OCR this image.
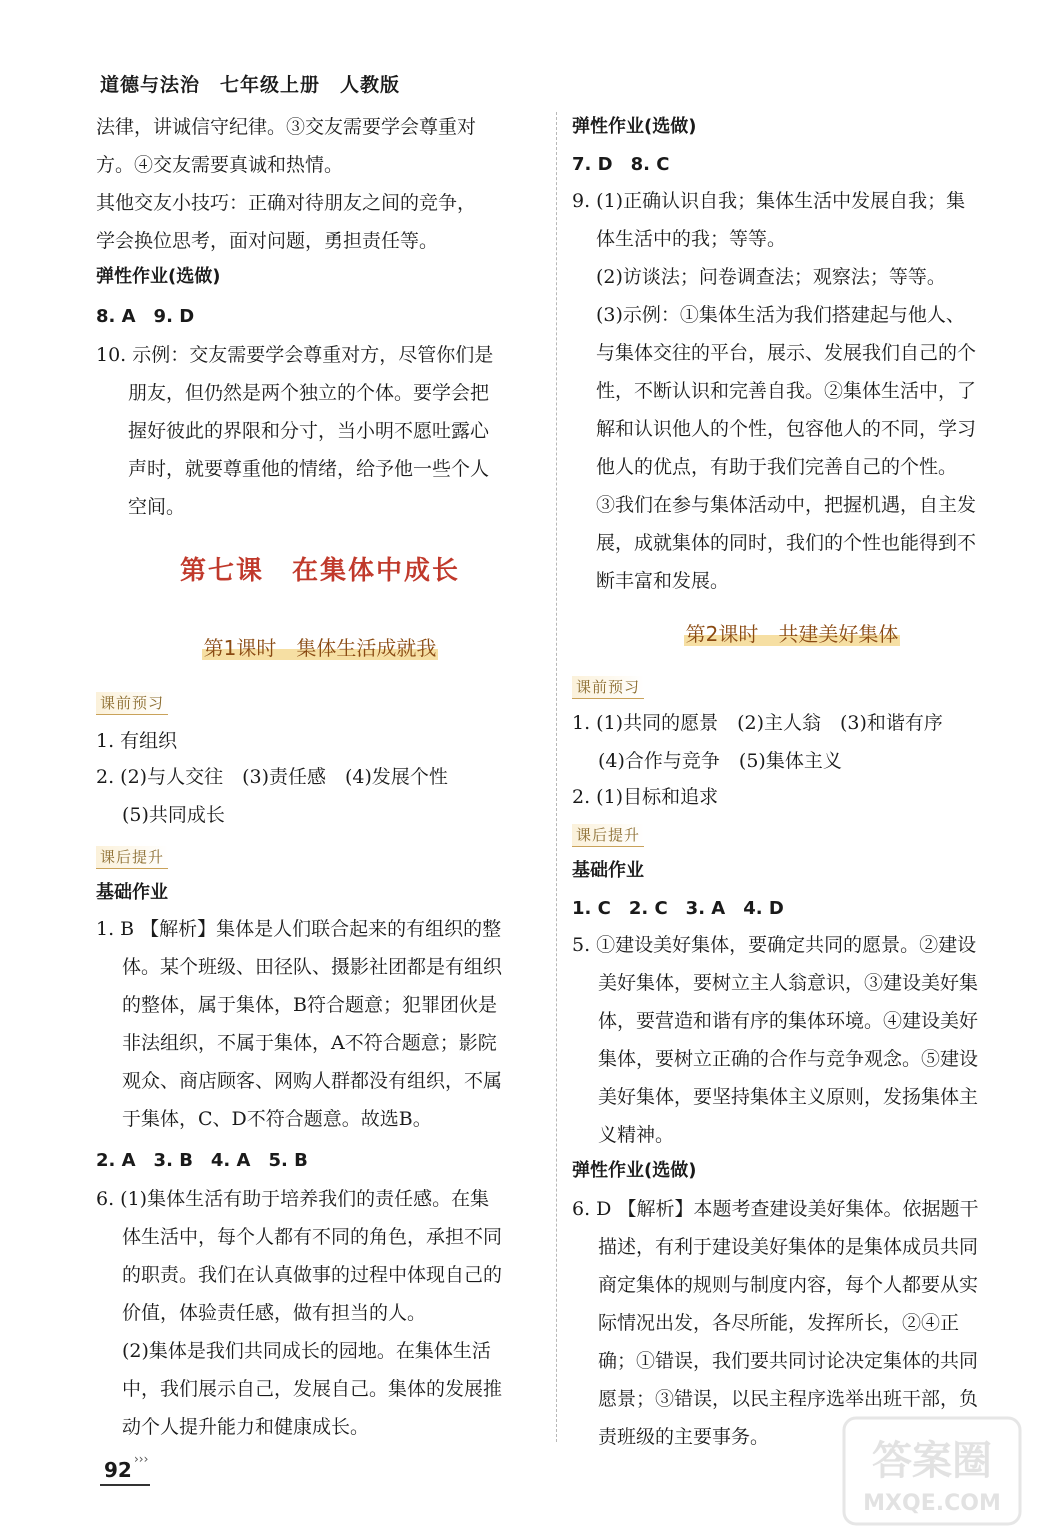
道德与法治　七年级上册　人教版
法律，讲诚信守纪律。③交友需要学会尊重对
方。④交友需要真诚和热情。
其他交友小技巧：正确对待朋友之间的竞争，
学会换位思考，面对问题，勇担责任等。
弹性作业(选做)
8. A　9. D
10. 示例：交友需要学会尊重对方，尽管你们是
朋友，但仍然是两个独立的个体。要学会把
握好彼此的界限和分寸，当小明不愿吐露心
声时，就要尊重他的情绪，给予他一些个人
空间。
第七课　在集体中成长
第1课时　集体生活成就我
课前预习
1. 有组织
2. (2)与人交往　(3)责任感　(4)发展个性
(5)共同成长
课后提升
基础作业
1. B 【解析】集体是人们联合起来的有组织的整
体。某个班级、田径队、摄影社团都是有组织
的整体，属于集体，B符合题意；犯罪团伙是
非法组织，不属于集体，A不符合题意；影院
观众、商店顾客、网购人群都没有组织，不属
于集体，C、D不符合题意。故选B。
2. A　3. B　4. A　5. B
6. (1)集体生活有助于培养我们的责任感。在集
体生活中，每个人都有不同的角色，承担不同
的职责。我们在认真做事的过程中体现自己的
价值，体验责任感，做有担当的人。
(2)集体是我们共同成长的园地。在集体生活
中，我们展示自己，发展自己。集体的发展推
动个人提升能力和健康成长。
弹性作业(选做)
7. D　8. C
9. (1)正确认识自我；集体生活中发展自我；集
体生活中的我；等等。
(2)访谈法；问卷调查法；观察法；等等。
(3)示例：①集体生活为我们搭建起与他人、
与集体交往的平台，展示、发展我们自己的个
性，不断认识和完善自我。②集体生活中，了
解和认识他人的个性，包容他人的不同，学习
他人的优点，有助于我们完善自己的个性。
③我们在参与集体活动中，把握机遇，自主发
展，成就集体的同时，我们的个性也能得到不
断丰富和发展。
第2课时　共建美好集体
课前预习
1. (1)共同的愿景　(2)主人翁　(3)和谐有序
(4)合作与竞争　(5)集体主义
2. (1)目标和追求
课后提升
基础作业
1. C　2. C　3. A　4. D
5. ①建设美好集体，要确定共同的愿景。②建设
美好集体，要树立主人翁意识，③建设美好集
体，要营造和谐有序的集体环境。④建设美好
集体，要树立正确的合作与竞争观念。⑤建设
美好集体，要坚持集体主义原则，发扬集体主
义精神。
弹性作业(选做)
6. D 【解析】本题考查建设美好集体。依据题干
描述，有利于建设美好集体的是集体成员共同
商定集体的规则与制度内容，每个人都要从实
际情况出发，各尽所能，发挥所长，②④正
确；①错误，我们要共同讨论决定集体的共同
愿景；③错误，以民主程序选举出班干部，负
责班级的主要事务。
92 ›››	答案圈
MXQE.COM
